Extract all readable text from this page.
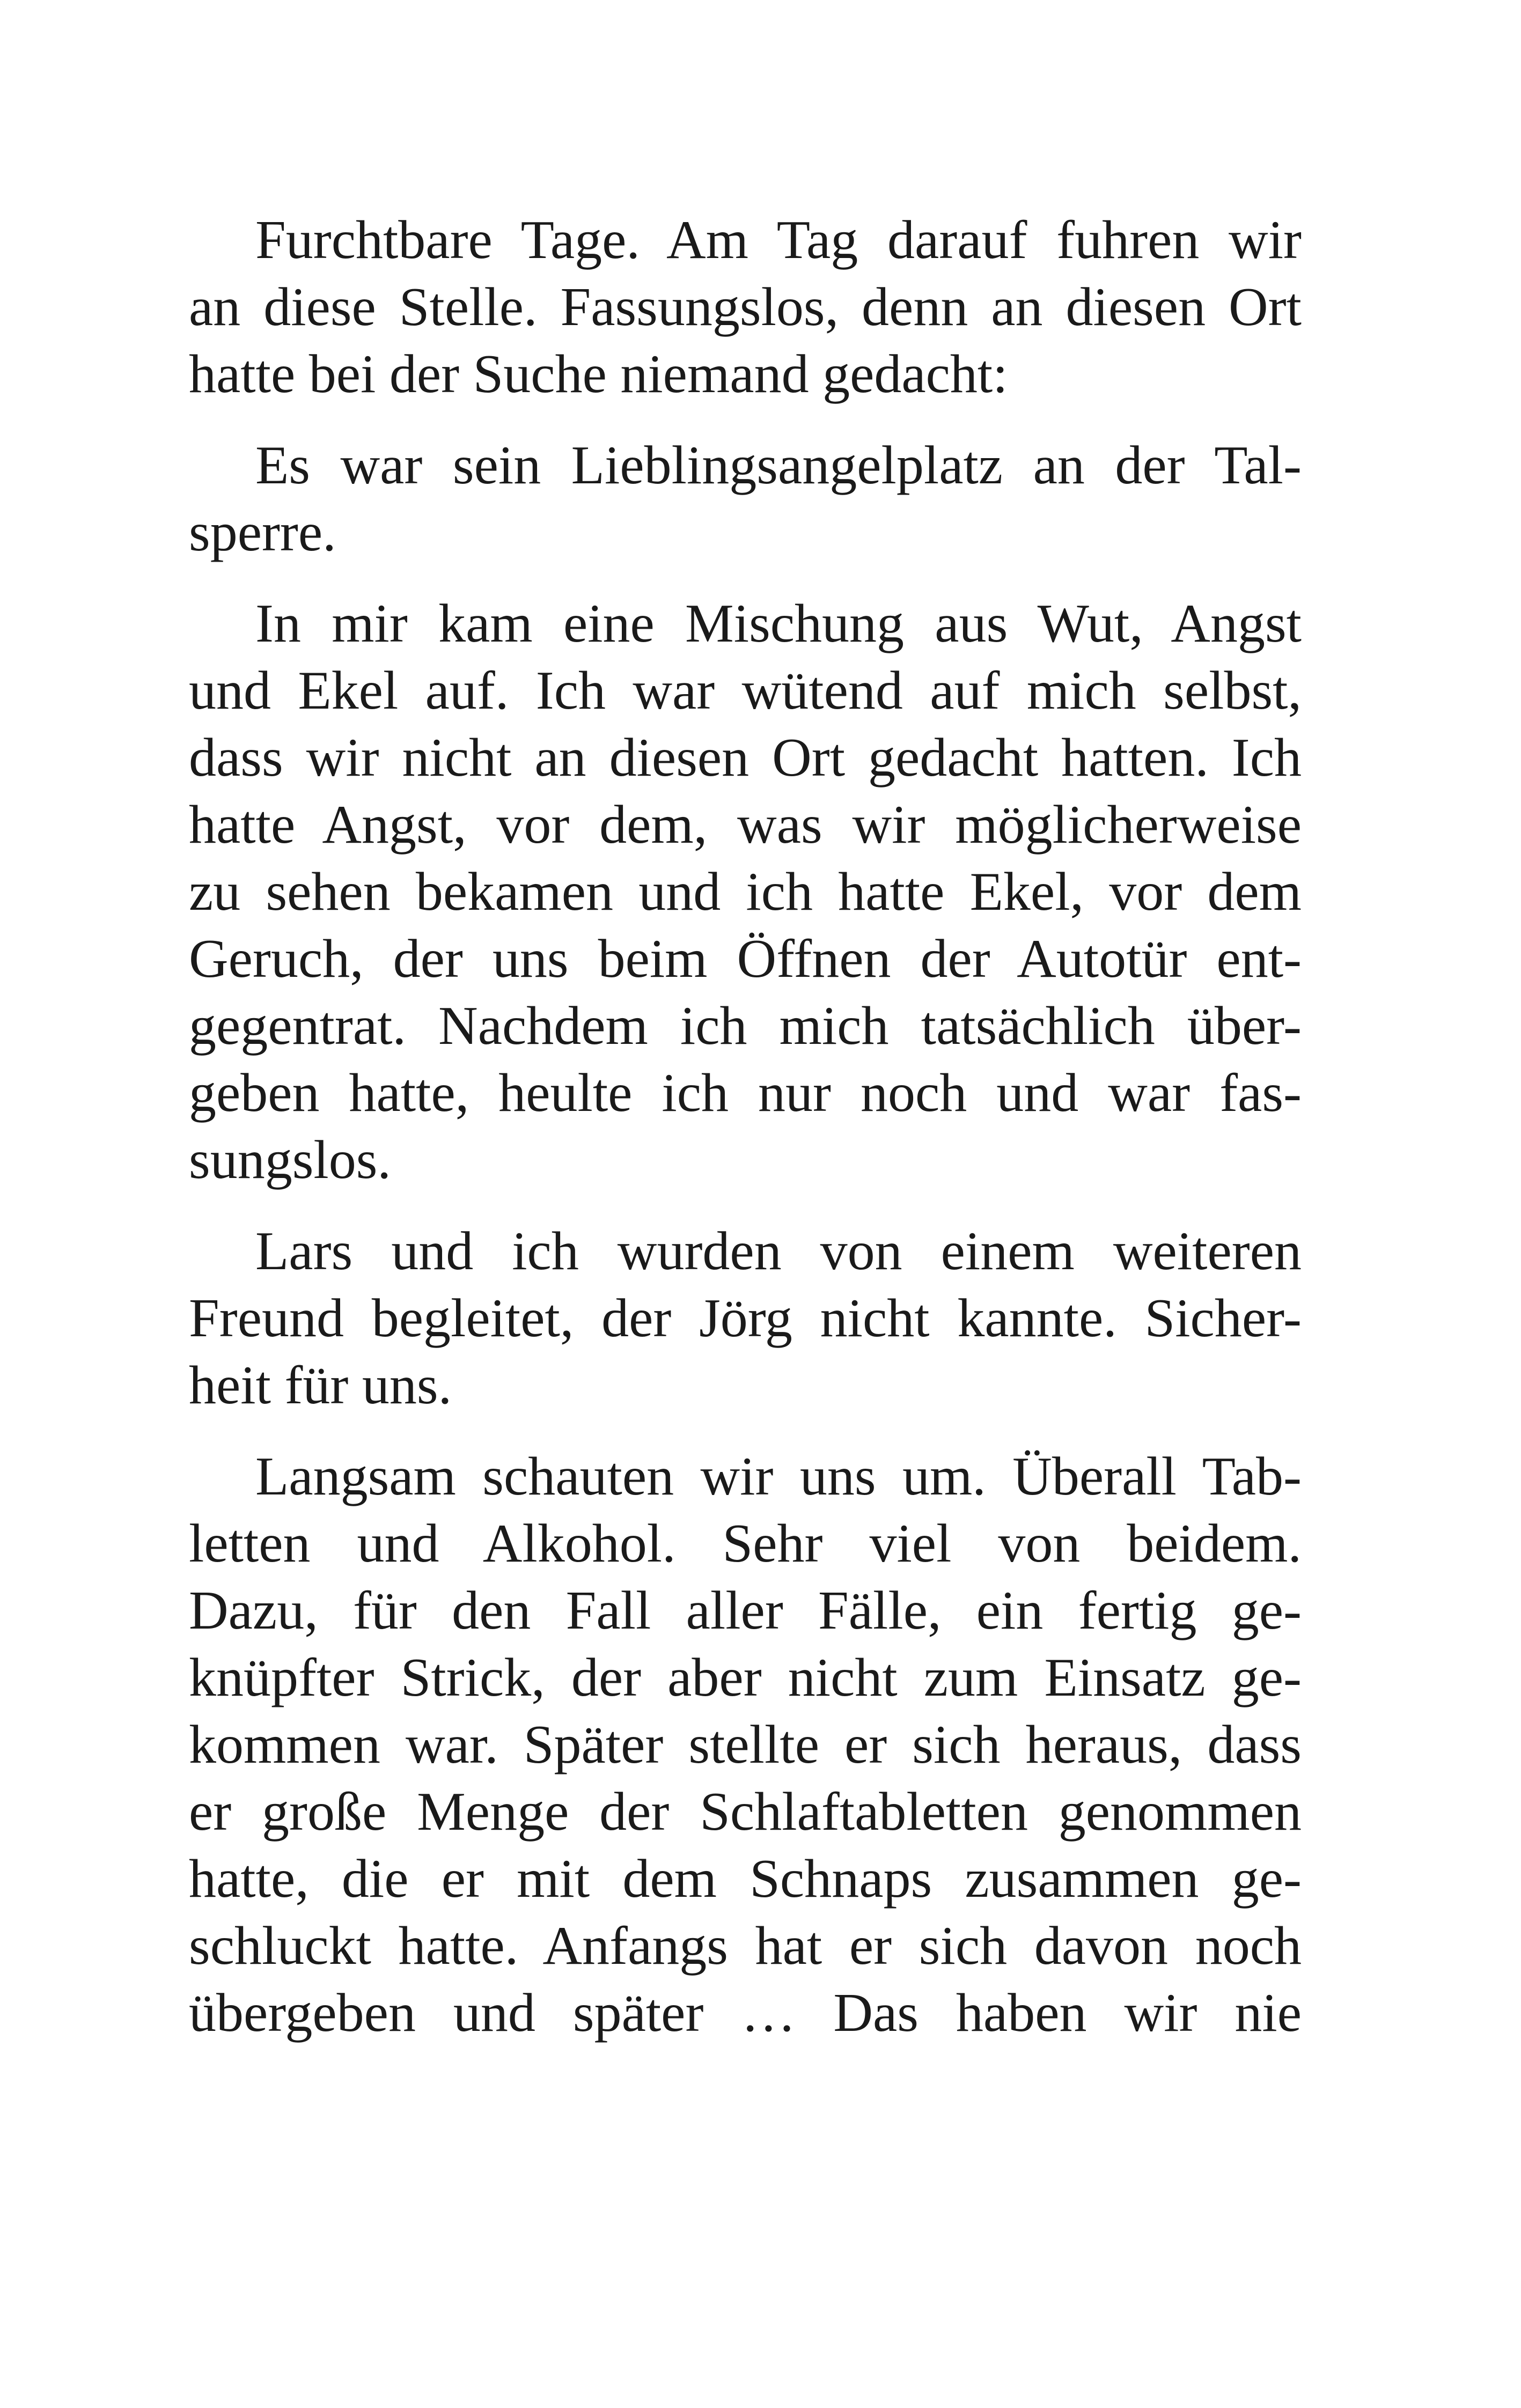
Furchtbare Tage. Am Tag darauf fuhren wir
an diese Stelle. Fassungslos, denn an diesen Ort
hatte bei der Suche niemand gedacht:

Es war sein Lieblingsangelplatz an der Tal-
sperre.

In mir kam eine Mischung aus Wut, Angst
und Ekel auf. Ich war wütend auf mich selbst,
dass wir nicht an diesen Ort gedacht hatten. Ich
hatte Angst, vor dem, was wir möglicherweise
zu sehen bekamen und ich hatte Ekel, vor dem
Geruch, der uns beim Öffnen der Autotür ent-
gegentrat. Nachdem ich mich tatsächlich über-
geben hatte, heulte ich nur noch und war fas-
sungslos.

Lars und ich wurden von einem weiteren
Freund begleitet, der Jörg nicht kannte. Sicher-
heit für uns.

Langsam schauten wir uns um. Überall Tab-
letten und Alkohol. Sehr viel von beidem.
Dazu, für den Fall aller Fälle, ein fertig ge-
knüpfter Strick, der aber nicht zum Einsatz ge-
kommen war. Später stellte er sich heraus, dass
er große Menge der Schlaftabletten genommen
hatte, die er mit dem Schnaps zusammen ge-
schluckt hatte. Anfangs hat er sich davon noch
übergeben und später … Das haben wir nie
